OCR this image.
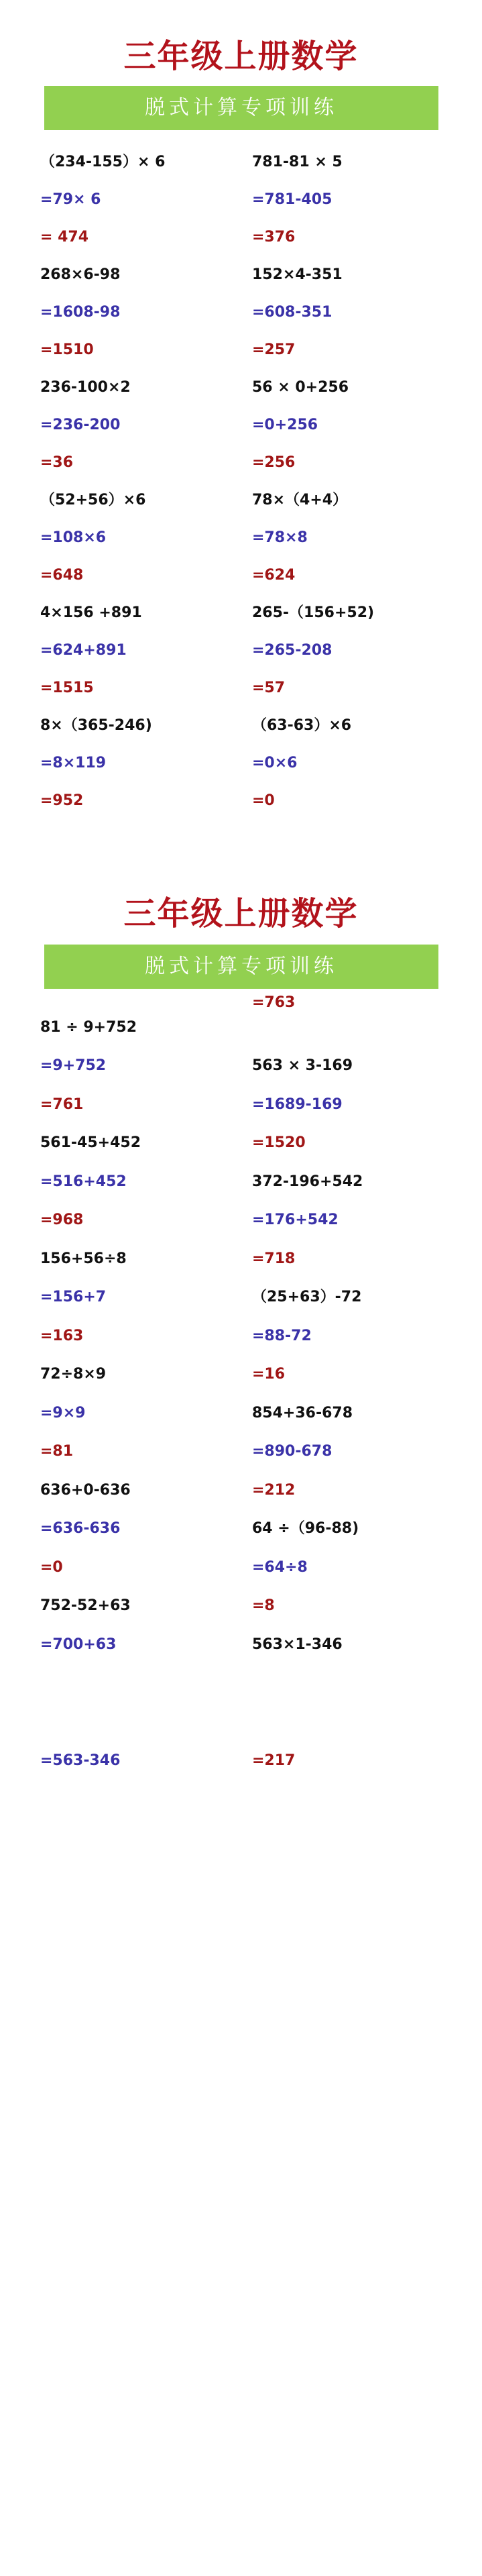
三年级上册数学
脱式计算专项训练
（234-155）× 6
=79× 6
= 474
268×6-98
=1608-98
=1510
236-100×2
=236-200
=36
（52+56）×6
=108×6
=648
4×156 +891
=624+891
=1515
8×（365-246)
=8×119
=952
781-81 × 5
=781-405
=376
152×4-351
=608-351
=257
56 × 0+256
=0+256
=256
78×（4+4）
=78×8
=624
265-（156+52)
=265-208
=57
（63-63）×6
=0×6
=0
三年级上册数学
脱式计算专项训练
=763
81 ÷ 9+752
=9+752
=761
561-45+452
=516+452
=968
156+56÷8
=156+7
=163
72÷8×9
=9×9
=81
636+0-636
=636-636
=0
752-52+63
=700+63
=563-346
563 × 3-169
=1689-169
=1520
372-196+542
=176+542
=718
（25+63）-72
=88-72
=16
854+36-678
=890-678
=212
64 ÷（96-88)
=64÷8
=8
563×1-346
=217
